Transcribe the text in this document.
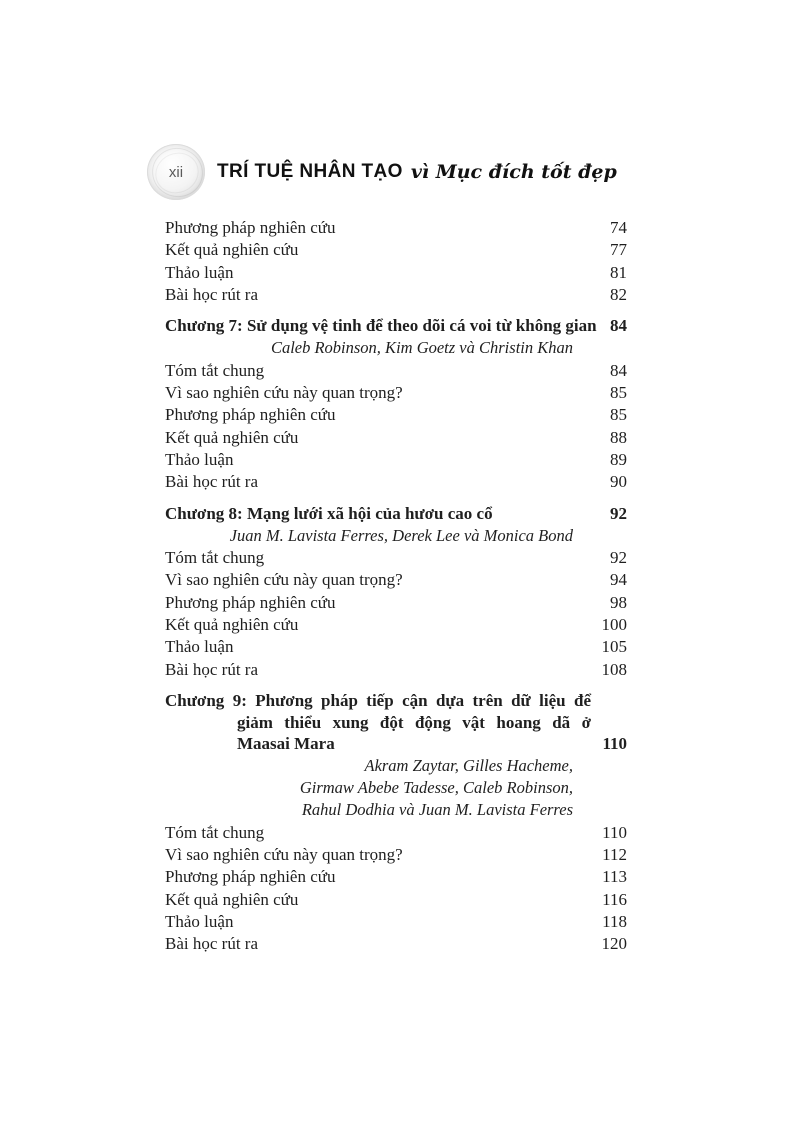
xii TRÍ TUỆ NHÂN TẠO vì Mục đích tốt đẹp
Phương pháp nghiên cứu	74
Kết quả nghiên cứu	77
Thảo luận	81
Bài học rút ra	82
Chương 7: Sử dụng vệ tinh để theo dõi cá voi từ không gian 84
Caleb Robinson, Kim Goetz và Christin Khan
Tóm tắt chung	84
Vì sao nghiên cứu này quan trọng?	85
Phương pháp nghiên cứu	85
Kết quả nghiên cứu	88
Thảo luận	89
Bài học rút ra	90
Chương 8: Mạng lưới xã hội của hươu cao cổ	92
Juan M. Lavista Ferres, Derek Lee và Monica Bond
Tóm tắt chung	92
Vì sao nghiên cứu này quan trọng?	94
Phương pháp nghiên cứu	98
Kết quả nghiên cứu	100
Thảo luận	105
Bài học rút ra	108
Chương 9: Phương pháp tiếp cận dựa trên dữ liệu để
giảm thiểu xung đột động vật hoang dã ở
Maasai Mara	110
Akram Zaytar, Gilles Hacheme,
Girmaw Abebe Tadesse, Caleb Robinson,
Rahul Dodhia và Juan M. Lavista Ferres
Tóm tắt chung	110
Vì sao nghiên cứu này quan trọng?	112
Phương pháp nghiên cứu	113
Kết quả nghiên cứu	116
Thảo luận	118
Bài học rút ra	120
